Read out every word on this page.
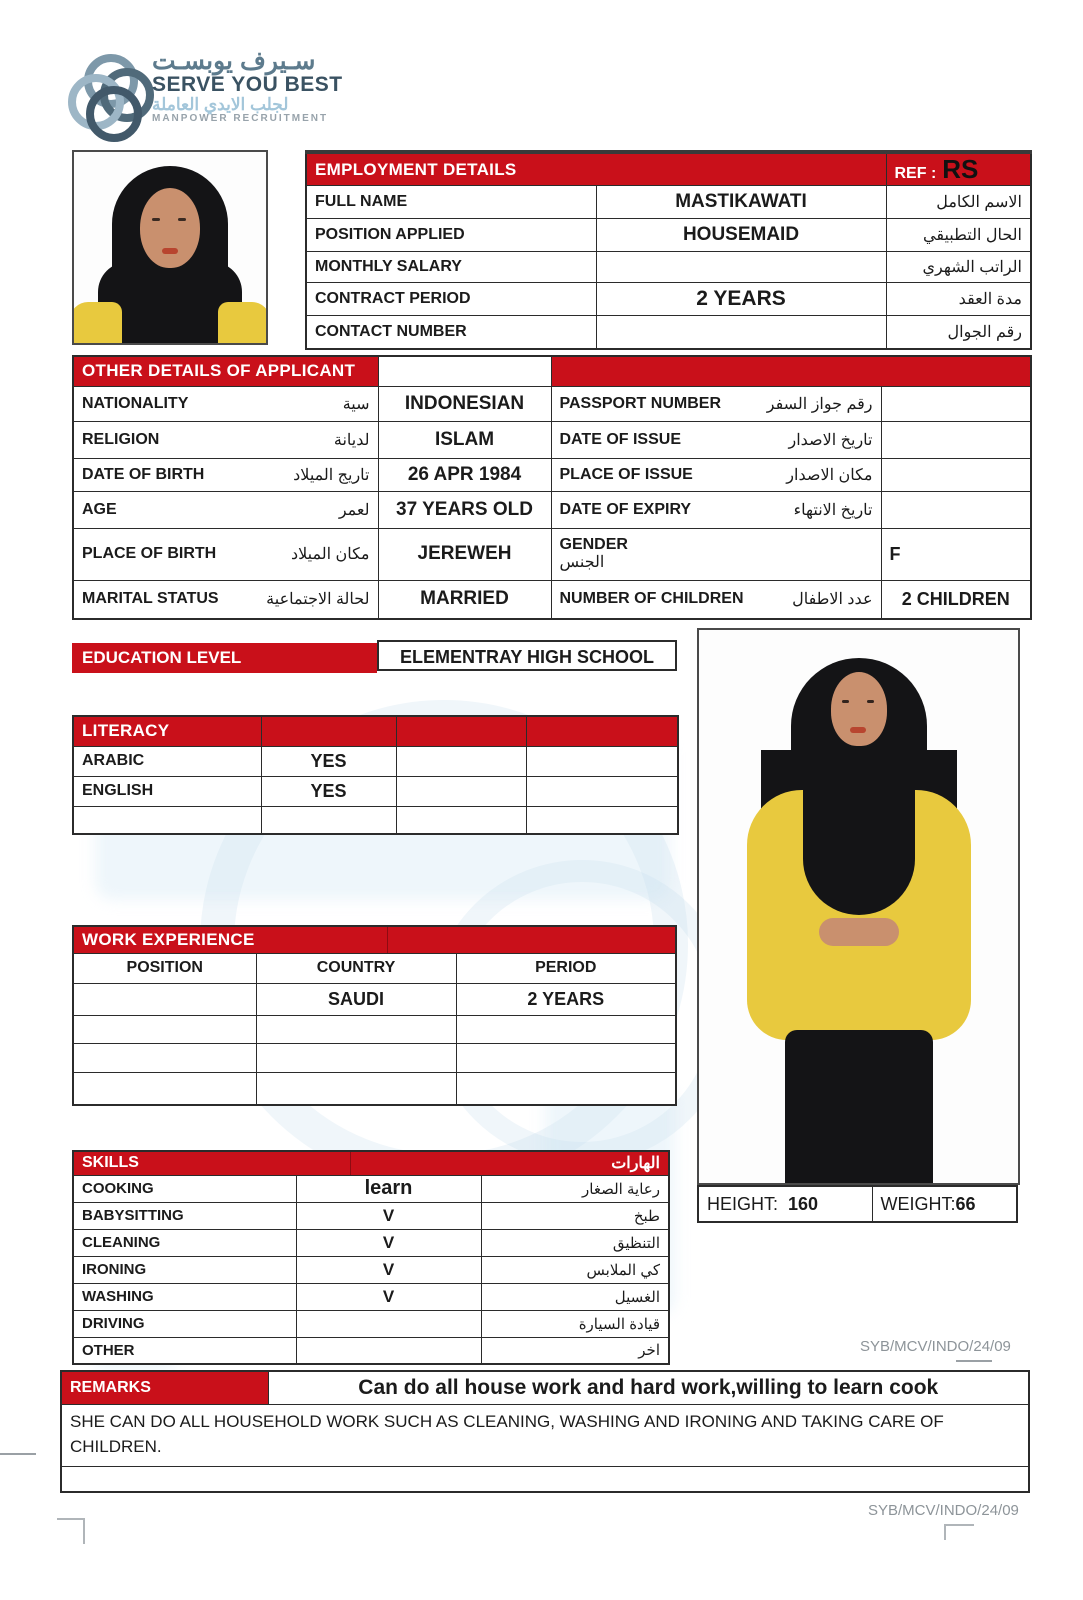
سـيرف يوبسـت
SERVE YOU BEST
لجلب الايدي العاملة
MANPOWER RECRUITMENT
EMPLOYMENT DETAILS		REF : RS
FULL NAME	MASTIKAWATI	الاسم الكامل
POSITION APPLIED	HOUSEMAID	الحال التطبيقي
MONTHLY SALARY		الراتب الشهري
CONTRACT PERIOD	2 YEARS	مدة العقد
CONTACT NUMBER		رقم الجوال
OTHER DETAILS OF APPLICANT			

NATIONALITY سية	INDONESIAN	PASSPORT NUMBER رقم جواز السفر	

RELIGION لديانة	ISLAM	DATE OF ISSUE تاريخ الاصدار	

DATE OF BIRTH تاريج الميلاد	26 APR 1984	PLACE OF ISSUE مكان الاصدار	

AGE لعمر	37 YEARS OLD	DATE OF EXPIRY تاريخ الانتهاء	

PLACE OF BIRTH	مكان الميلاد	JEREWEH	GENDER
الجنس	F

MARITAL STATUS لحالة الاجتماعية	MARRIED	NUMBER OF CHILDREN عدد الاطفال	2 CHILDREN
EDUCATION LEVEL	ELEMENTRAY HIGH SCHOOL
LITERACY			
ARABIC	YES		
ENGLISH	YES		

WORK EXPERIENCE		

POSITION	COUNTRY	PERIOD
	SAUDI	2 YEARS

SKILLS الهارات		

COOKING	learn	رعاية الصغار
BABYSITTING	V	طبخ
CLEANING	V	التنظيق
IRONING	V	كي الملابس
WASHING	V	الغسيل
DRIVING		قيادة السيارة
OTHER		اخر
HEIGHT: 160	WEIGHT:66
SYB/MCV/INDO/24/09
REMARKS	Can do all house work and hard work,willing to learn cook
SHE CAN DO ALL HOUSEHOLD WORK SUCH AS CLEANING, WASHING AND IRONING AND TAKING CARE OF CHILDREN.

SYB/MCV/INDO/24/09
